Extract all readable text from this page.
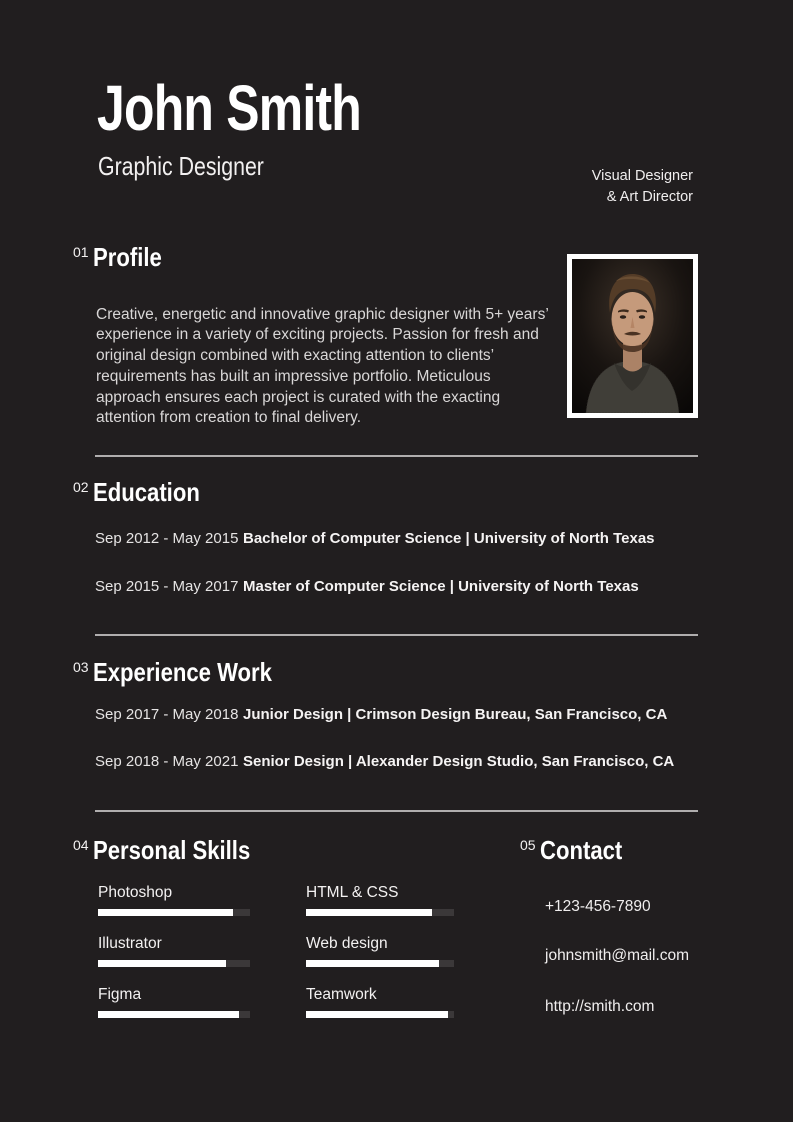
John Smith
Graphic Designer	Visual Designer
& Art Director
01 Profile

Creative, energetic and innovative graphic designer with 5+ years’ experience in a variety of exciting projects. Passion for fresh and original design combined with exacting attention to clients’ requirements has built an impressive portfolio. Meticulous approach ensures each project is curated with the exacting attention from creation to final delivery.

02 Education
Sep 2012 - May 2015 Bachelor of Computer Science | University of North Texas
Sep 2015 - May 2017 Master of Computer Science | University of North Texas
03 Experience Work
Sep 2017 - May 2018 Junior Design | Crimson Design Bureau, San Francisco, CA
Sep 2018 - May 2021 Senior Design | Alexander Design Studio, San Francisco, CA
04 Personal Skills
Photoshop
Illustrator
Figma
HTML & CSS
Web design
Teamwork
05 Contact
+123-456-7890
johnsmith@mail.com
http://smith.com
